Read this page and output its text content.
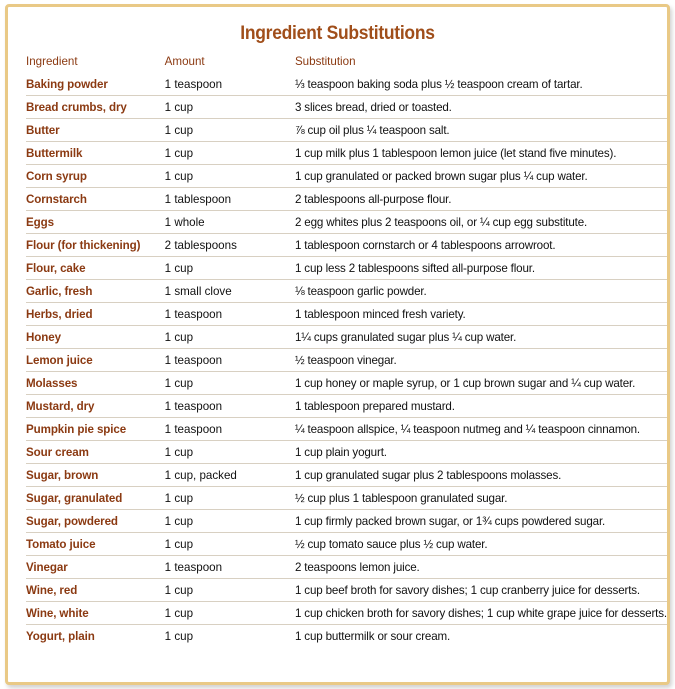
Ingredient Substitutions
Ingredient	Amount	Substitution
Baking powder	1 teaspoon	⅓ teaspoon baking soda plus ½ teaspoon cream of tartar.
Bread crumbs, dry	1 cup	3 slices bread, dried or toasted.
Butter	1 cup	⅞ cup oil plus ¼ teaspoon salt.
Buttermilk	1 cup	1 cup milk plus 1 tablespoon lemon juice (let stand five minutes).
Corn syrup	1 cup	1 cup granulated or packed brown sugar plus ¼ cup water.
Cornstarch	1 tablespoon	2 tablespoons all-purpose flour.
Eggs	1 whole	2 egg whites plus 2 teaspoons oil, or ¼ cup egg substitute.
Flour (for thickening)	2 tablespoons	1 tablespoon cornstarch or 4 tablespoons arrowroot.
Flour, cake	1 cup	1 cup less 2 tablespoons sifted all-purpose flour.
Garlic, fresh	1 small clove	⅛ teaspoon garlic powder.
Herbs, dried	1 teaspoon	1 tablespoon minced fresh variety.
Honey	1 cup	1¼ cups granulated sugar plus ¼ cup water.
Lemon juice	1 teaspoon	½ teaspoon vinegar.
Molasses	1 cup	1 cup honey or maple syrup, or 1 cup brown sugar and ¼ cup water.
Mustard, dry	1 teaspoon	1 tablespoon prepared mustard.
Pumpkin pie spice	1 teaspoon	¼ teaspoon allspice, ¼ teaspoon nutmeg and ¼ teaspoon cinnamon.
Sour cream	1 cup	1 cup plain yogurt.
Sugar, brown	1 cup, packed	1 cup granulated sugar plus 2 tablespoons molasses.
Sugar, granulated	1 cup	½ cup plus 1 tablespoon granulated sugar.
Sugar, powdered	1 cup	1 cup firmly packed brown sugar, or 1¾ cups powdered sugar.
Tomato juice	1 cup	½ cup tomato sauce plus ½ cup water.
Vinegar	1 teaspoon	2 teaspoons lemon juice.
Wine, red	1 cup	1 cup beef broth for savory dishes; 1 cup cranberry juice for desserts.
Wine, white	1 cup	1 cup chicken broth for savory dishes; 1 cup white grape juice for desserts.
Yogurt, plain	1 cup	1 cup buttermilk or sour cream.
